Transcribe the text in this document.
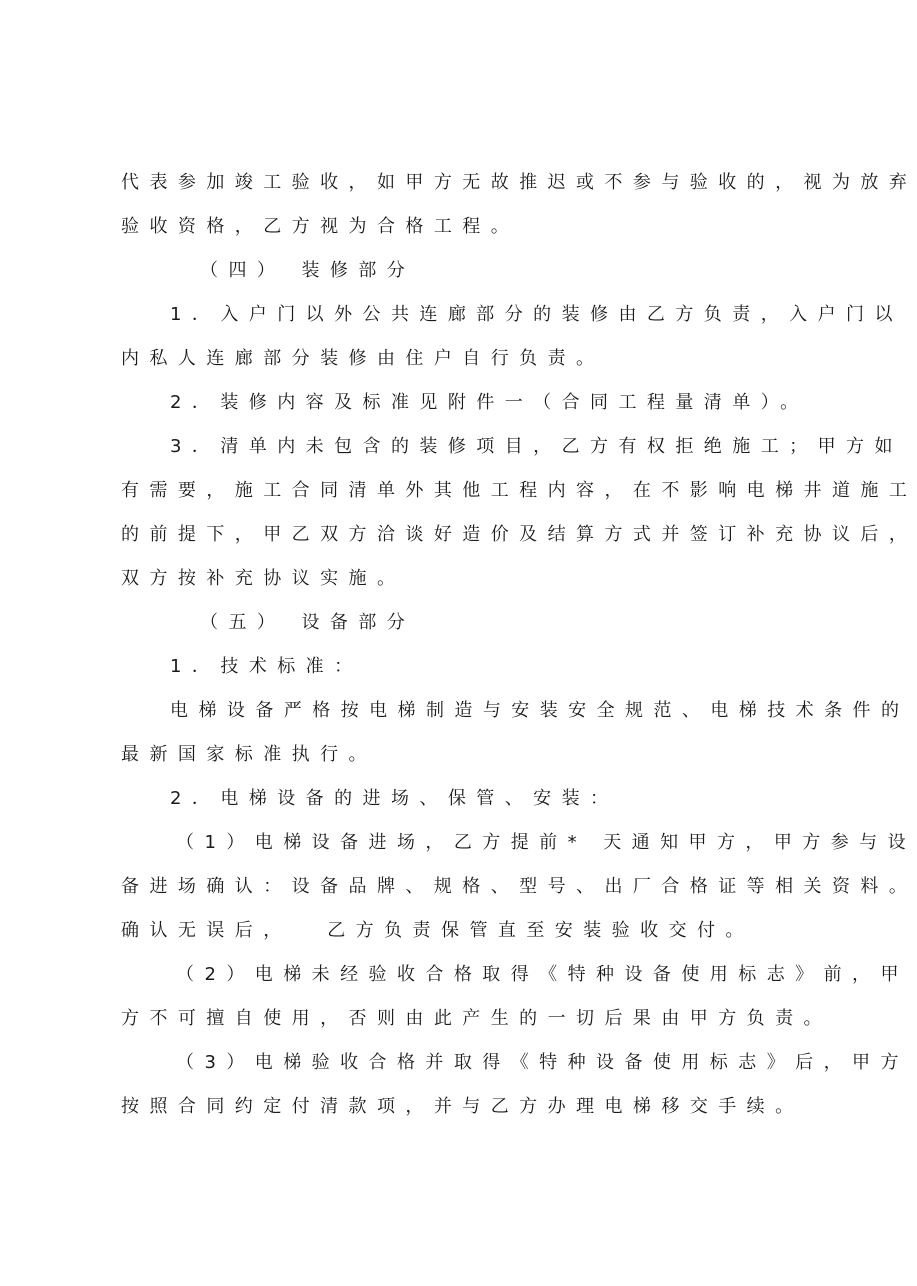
代表参加竣工验收，如甲方无故推迟或不参与验收的，视为放弃
验收资格，乙方视为合格工程。
（四） 装修部分
1．入户门以外公共连廊部分的装修由乙方负责，入户门以
内私人连廊部分装修由住户自行负责。
2．装修内容及标准见附件一（合同工程量清单）。
3．清单内未包含的装修项目，乙方有权拒绝施工；甲方如
有需要，施工合同清单外其他工程内容，在不影响电梯井道施工
的前提下，甲乙双方洽谈好造价及结算方式并签订补充协议后，
双方按补充协议实施。
（五） 设备部分
1．技术标准：
电梯设备严格按电梯制造与安装安全规范、电梯技术条件的
最新国家标准执行。
2．电梯设备的进场、保管、安装：
（1）电梯设备进场，乙方提前* 天通知甲方，甲方参与设
备进场确认：设备品牌、规格、型号、出厂合格证等相关资料。
确认无误后，　 乙方负责保管直至安装验收交付。
（2）电梯未经验收合格取得《特种设备使用标志》前，甲
方不可擅自使用，否则由此产生的一切后果由甲方负责。
（3）电梯验收合格并取得《特种设备使用标志》后，甲方
按照合同约定付清款项，并与乙方办理电梯移交手续。
